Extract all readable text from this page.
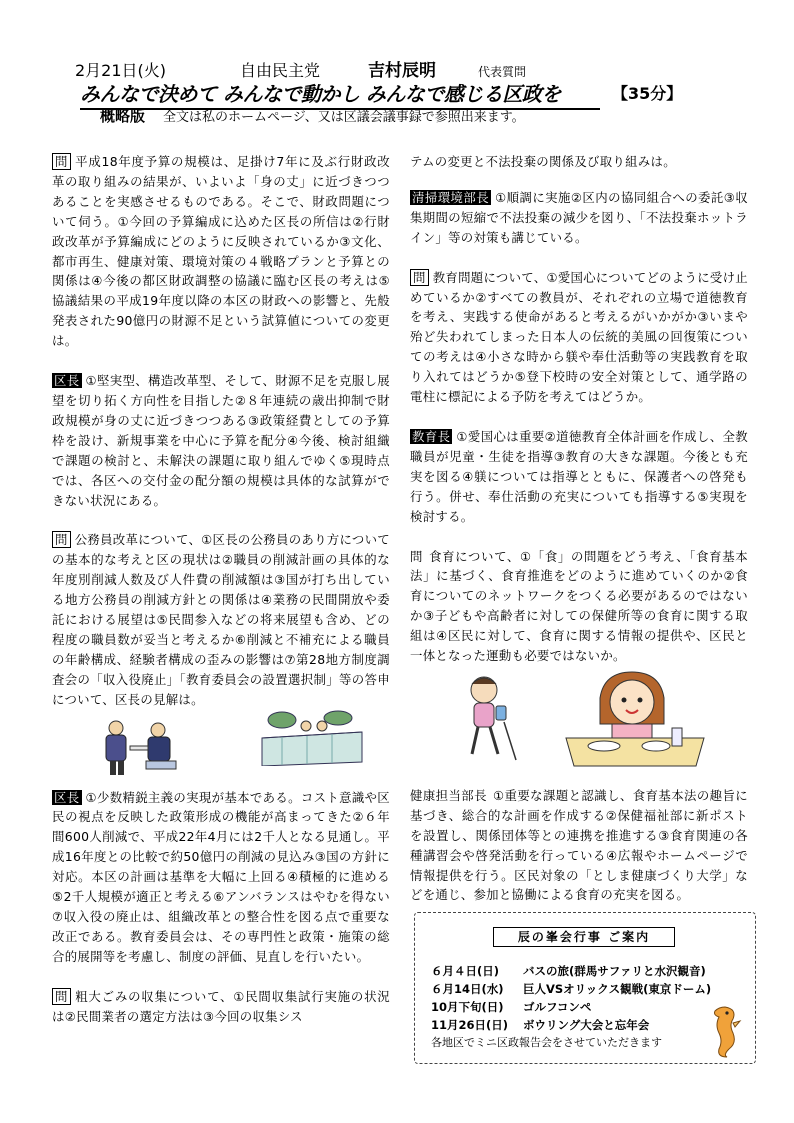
2月21日(火)	自由民主党	吉村辰明	代表質問
みんなで決めて みんなで動かし みんなで感じる区政を	【35分】
概略版 全文は私のホームページ、又は区議会議事録で参照出来ます。

問 平成18年度予算の規模は、足掛け7年に及ぶ行財政改革の取り組みの結果が、いよいよ「身の丈」に近づきつつあることを実感させるものである。そこで、財政問題について伺う。①今回の予算編成に込めた区長の所信は②行財政改革が予算編成にどのように反映されているか③文化、都市再生、健康対策、環境対策の４戦略プランと予算との関係は④今後の都区財政調整の協議に臨む区長の考えは⑤協議結果の平成19年度以降の本区の財政への影響と、先般発表された90億円の財源不足という試算値についての変更は。

区長 ①堅実型、構造改革型、そして、財源不足を克服し展望を切り拓く方向性を目指した②８年連続の歳出抑制で財政規模が身の丈に近づきつつある③政策経費としての予算枠を設け、新規事業を中心に予算を配分④今後、検討組織で課題の検討と、未解決の課題に取り組んでゆく⑤現時点では、各区への交付金の配分額の規模は具体的な試算ができない状況にある。

問 公務員改革について、①区長の公務員のあり方についての基本的な考えと区の現状は②職員の削減計画の具体的な年度別削減人数及び人件費の削減額は③国が打ち出している地方公務員の削減方針との関係は④業務の民間開放や委託における展望は⑤民間参入などの将来展望も含め、どの程度の職員数が妥当と考えるか⑥削減と不補充による職員の年齢構成、経験者構成の歪みの影響は⑦第28地方制度調査会の「収入役廃止」「教育委員会の設置選択制」等の答申について、区長の見解は。

区長 ①少数精鋭主義の実現が基本である。コスト意識や区民の視点を反映した政策形成の機能が高まってきた②６年間600人削減で、平成22年4月には2千人となる見通し。平成16年度との比較で約50億円の削減の見込み③国の方針に対応。本区の計画は基準を大幅に上回る④積極的に進める⑤2千人規模が適正と考える⑥アンバランスはやむを得ない⑦収入役の廃止は、組織改革との整合性を図る点で重要な改正である。教育委員会は、その専門性と政策・施策の総合的展開等を考慮し、制度の評価、見直しを行いたい。

問 粗大ごみの収集について、①民間収集試行実施の状況は②民間業者の選定方法は③今回の収集シス

テムの変更と不法投棄の関係及び取り組みは。

清掃環境部長 ①順調に実施②区内の協同組合への委託③収集期間の短縮で不法投棄の減少を図り、「不法投棄ホットライン」等の対策も講じている。

問 教育問題について、①愛国心についてどのように受け止めているか②すべての教員が、それぞれの立場で道徳教育を考え、実践する使命があると考えるがいかがか③いまや殆ど失われてしまった日本人の伝統的美風の回復策についての考えは④小さな時から躾や奉仕活動等の実践教育を取り入れてはどうか⑤登下校時の安全対策として、通学路の電柱に標記による予防を考えてはどうか。

教育長 ①愛国心は重要②道徳教育全体計画を作成し、全教職員が児童・生徒を指導③教育の大きな課題。今後とも充実を図る④躾については指導とともに、保護者への啓発も行う。併せ、奉仕活動の充実についても指導する⑤実現を検討する。

問 食育について、①「食」の問題をどう考え、「食育基本法」に基づく、食育推進をどのように進めていくのか②食育についてのネットワークをつくる必要があるのではないか③子どもや高齢者に対しての保健所等の食育に関する取組は④区民に対して、食育に関する情報の提供や、区民と一体となった運動も必要ではないか。

健康担当部長 ①重要な課題と認識し、食育基本法の趣旨に基づき、総合的な計画を作成する②保健福祉部に新ポストを設置し、関係団体等との連携を推進する③食育関連の各種講習会や啓発活動を行っている④広報やホームページで情報提供を行う。区民対象の「としま健康づくり大学」などを通じ、参加と協働による食育の充実を図る。

辰の峯会行事 ご案内
６月４日(日) バスの旅(群馬サファリと水沢観音)
６月14日(水) 巨人VSオリックス観戦(東京ドーム)
10月下旬(日) ゴルフコンペ
11月26日(日) ボウリング大会と忘年会
各地区でミニ区政報告会をさせていただきます
